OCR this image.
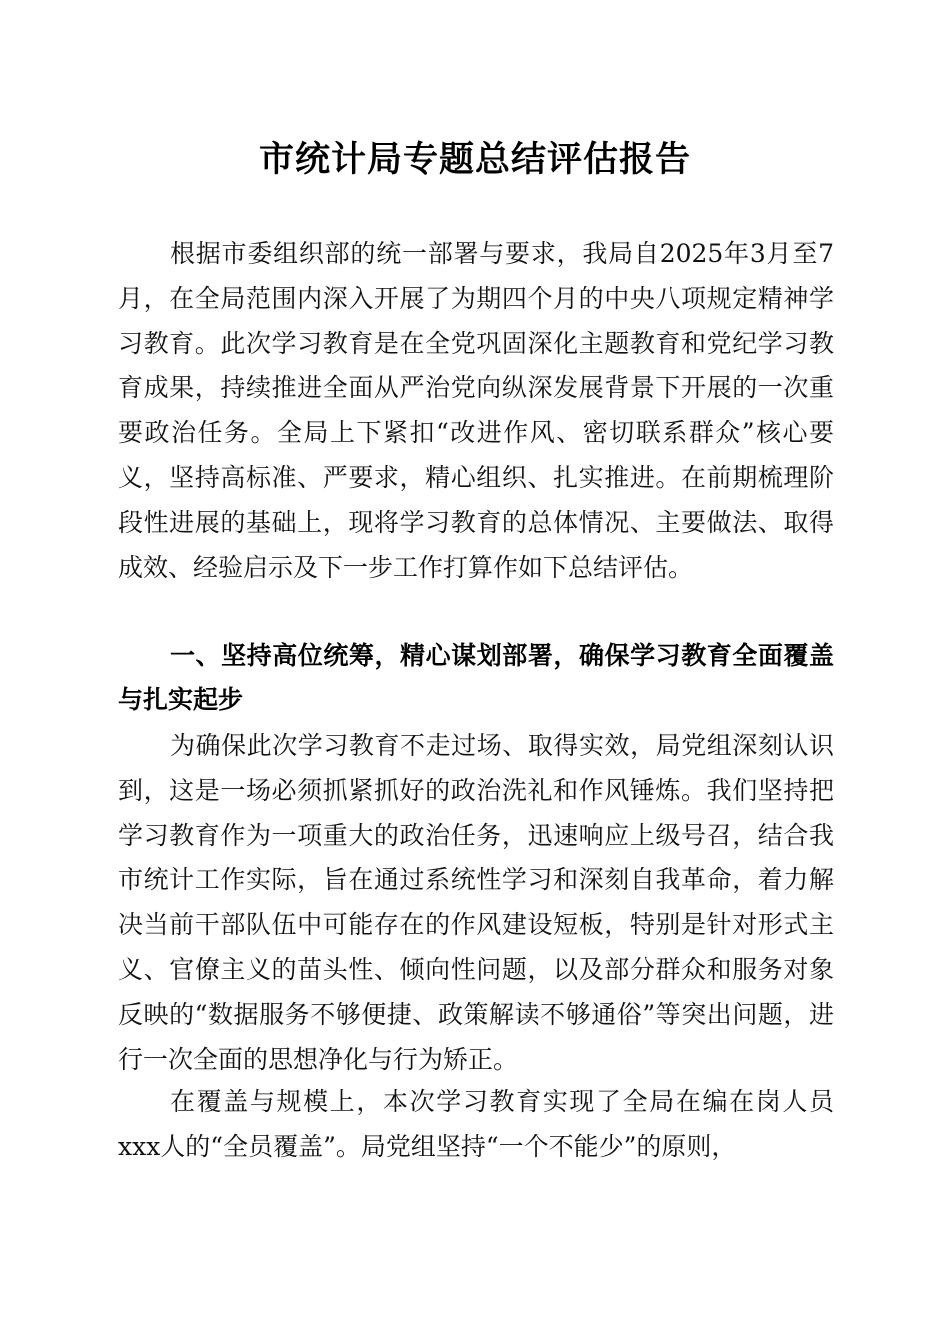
市统计局专题总结评估报告

根据市委组织部的统一部署与要求，我局自2025年3月至7月，在全局范围内深入开展了为期四个月的中央八项规定精神学习教育。此次学习教育是在全党巩固深化主题教育和党纪学习教育成果，持续推进全面从严治党向纵深发展背景下开展的一次重要政治任务。全局上下紧扣“改进作风、密切联系群众”核心要义，坚持高标准、严要求，精心组织、扎实推进。在前期梳理阶段性进展的基础上，现将学习教育的总体情况、主要做法、取得成效、经验启示及下一步工作打算作如下总结评估。

一、坚持高位统筹，精心谋划部署，确保学习教育全面覆盖与扎实起步

为确保此次学习教育不走过场、取得实效，局党组深刻认识到，这是一场必须抓紧抓好的政治洗礼和作风锤炼。我们坚持把学习教育作为一项重大的政治任务，迅速响应上级号召，结合我市统计工作实际，旨在通过系统性学习和深刻自我革命，着力解决当前干部队伍中可能存在的作风建设短板，特别是针对形式主义、官僚主义的苗头性、倾向性问题，以及部分群众和服务对象反映的“数据服务不够便捷、政策解读不够通俗”等突出问题，进行一次全面的思想净化与行为矫正。

在覆盖与规模上，本次学习教育实现了全局在编在岗人员xxx人的“全员覆盖”。局党组坚持“一个不能少”的原则，
